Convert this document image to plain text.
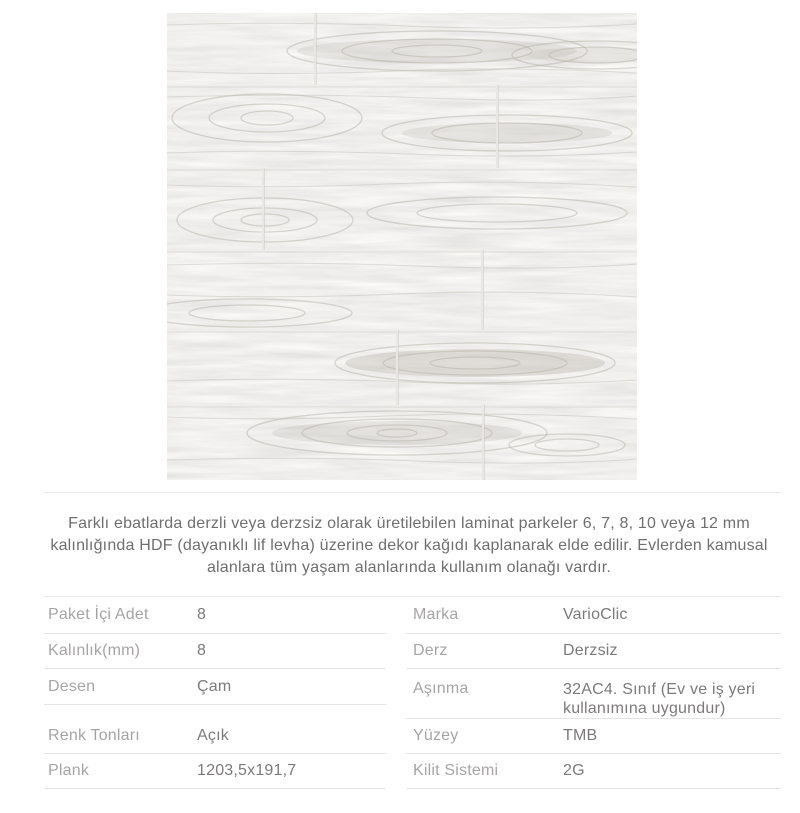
Farklı ebatlarda derzli veya derzsiz olarak üretilebilen laminat parkeler 6, 7, 8, 10 veya 12 mm kalınlığında HDF (dayanıklı lif levha) üzerine dekor kağıdı kaplanarak elde edilir. Evlerden kamusal alanlara tüm yaşam alanlarında kullanım olanağı vardır.

Paket İçi Adet	8
Kalınlık(mm)	8
Desen	Çam
Renk Tonları	Açık
Plank	1203,5x191,7
Marka	VarioClic
Derz	Derzsiz
Aşınma	32AC4. Sınıf (Ev ve iş yeri kullanımına uygundur)
Yüzey	TMB
Kilit Sistemi	2G
